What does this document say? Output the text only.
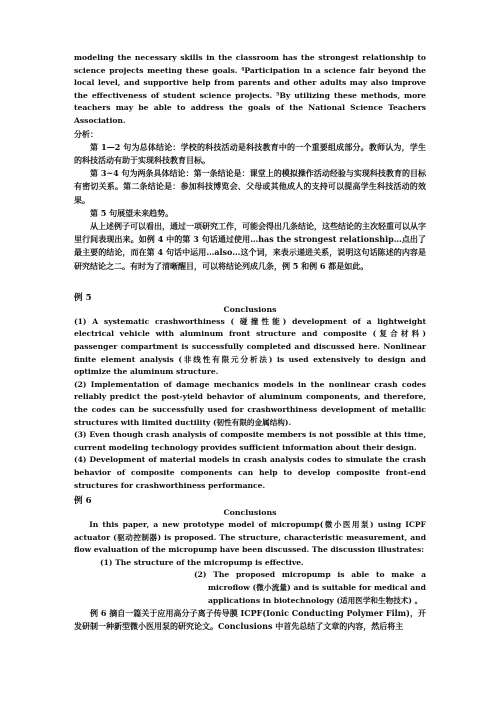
modeling the necessary skills in the classroom has the strongest relationship to science projects meeting these goals. ⁴Participation in a science fair beyond the local level, and supportive help from parents and other adults may also improve the effectiveness of student science projects. ⁵By utilizing these methods, more teachers may be able to address the goals of the National Science Teachers Association.

分析：

第 1—2 句为总体结论：学校的科技活动是科技教育中的一个重要组成部分。教师认为，学生的科技活动有助于实现科技教育目标。

第 3~4 句为两条具体结论：第一条结论是：课堂上的模拟操作活动经验与实现科技教育的目标有密切关系。第二条结论是：参加科技博览会、父母或其他成人的支持可以提高学生科技活动的效果。

第 5 句展望未来趋势。

从上述例子可以看出，通过一项研究工作，可能会得出几条结论，这些结论的主次轻重可以从字里行间表现出来。如例 4 中的第 3 句话通过使用…has the strongest relationship…点出了最主要的结论，而在第 4 句话中运用…also…这个词，来表示递进关系，说明这句话陈述的内容是研究结论之二。有时为了清晰醒目，可以将结论列成几条，例 5 和例 6 都是如此。

例 5

Conclusions

(1) A systematic crashworthiness ( 碰撞性能) development of a lightweight electrical vehicle with aluminum front structure and composite (复合材料) passenger compartment is successfully completed and discussed here. Nonlinear finite element analysis (非线性有限元分析法) is used extensively to design and optimize the aluminum structure.

(2) Implementation of damage mechanics models in the nonlinear crash codes reliably predict the post-yield behavior of aluminum components, and therefore, the codes can be successfully used for crashworthiness development of metallic structures with limited ductility (韧性有限的金属结构).

(3) Even though crash analysis of composite members is not possible at this time, current modeling technology provides sufficient information about their design.

(4) Development of material models in crash analysis codes to simulate the crash behavior of composite components can help to develop composite front-end structures for crashworthiness performance.

例 6

Conclusions

In this paper, a new prototype model of micropump(微小医用泵) using ICPF actuator (驱动控制器) is proposed. The structure, characteristic measurement, and flow evaluation of the micropump have been discussed. The discussion illustrates:

(1) The structure of the micropump is effective.

(2) The proposed micropump is able to make a microflow (微小流量) and is suitable for medical and applications in biotechnology (适用医学和生物技术) 。

例 6 摘自一篇关于应用高分子离子传导膜 ICPF(Ionic Conducting Polymer Film)，开发研制一种新型微小医用泵的研究论文。Conclusions 中首先总结了文章的内容，然后将主
